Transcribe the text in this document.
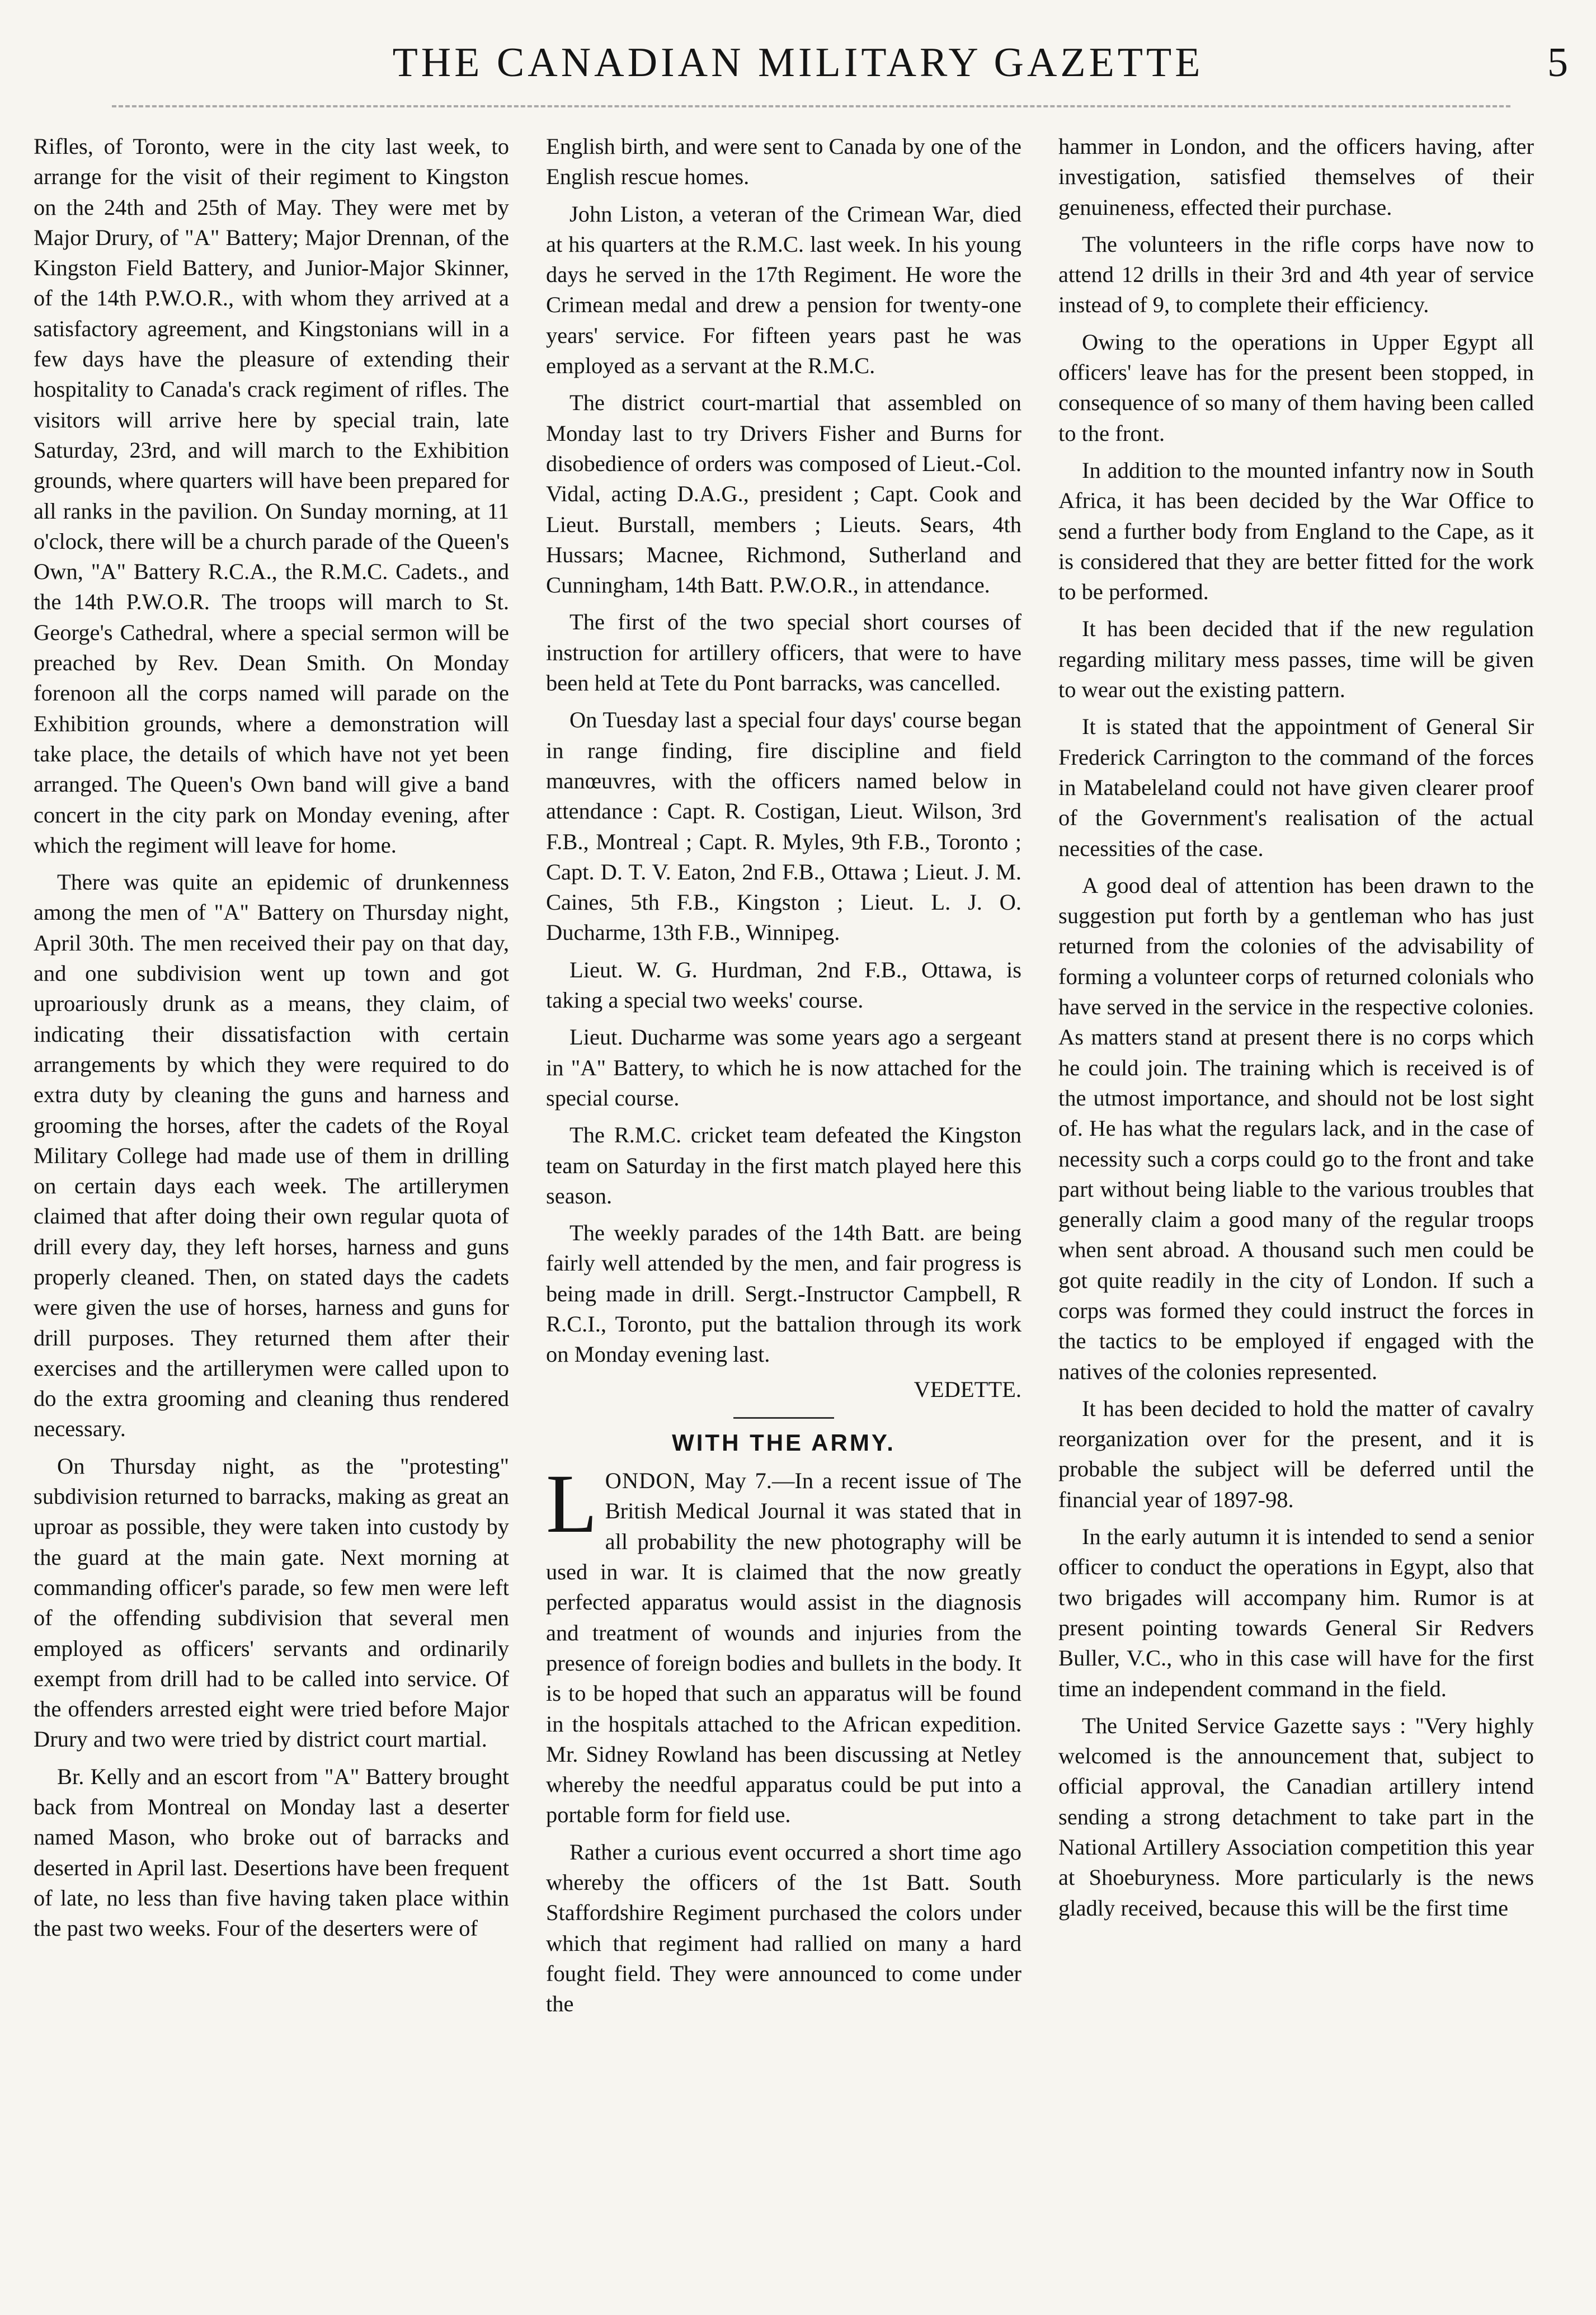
THE CANADIAN MILITARY GAZETTE	5

Rifles, of Toronto, were in the city last week, to arrange for the visit of their regiment to Kingston on the 24th and 25th of May. They were met by Major Drury, of "A" Battery; Major Drennan, of the Kingston Field Battery, and Junior-Major Skinner, of the 14th P.W.O.R., with whom they arrived at a satisfactory agreement, and Kingstonians will in a few days have the pleasure of extending their hospitality to Canada's crack regiment of rifles. The visitors will arrive here by special train, late Saturday, 23rd, and will march to the Exhibition grounds, where quarters will have been prepared for all ranks in the pavilion. On Sunday morning, at 11 o'clock, there will be a church parade of the Queen's Own, "A" Battery R.C.A., the R.M.C. Cadets., and the 14th P.W.O.R. The troops will march to St. George's Cathedral, where a special sermon will be preached by Rev. Dean Smith. On Monday forenoon all the corps named will parade on the Exhibition grounds, where a demonstration will take place, the details of which have not yet been arranged. The Queen's Own band will give a band concert in the city park on Monday evening, after which the regiment will leave for home.

There was quite an epidemic of drunkenness among the men of "A" Battery on Thursday night, April 30th. The men received their pay on that day, and one subdivision went up town and got uproariously drunk as a means, they claim, of indicating their dissatisfaction with certain arrangements by which they were required to do extra duty by cleaning the guns and harness and grooming the horses, after the cadets of the Royal Military College had made use of them in drilling on certain days each week. The artillerymen claimed that after doing their own regular quota of drill every day, they left horses, harness and guns properly cleaned. Then, on stated days the cadets were given the use of horses, harness and guns for drill purposes. They returned them after their exercises and the artillerymen were called upon to do the extra grooming and cleaning thus rendered necessary.

On Thursday night, as the "protesting" subdivision returned to barracks, making as great an uproar as possible, they were taken into custody by the guard at the main gate. Next morning at commanding officer's parade, so few men were left of the offending subdivision that several men employed as officers' servants and ordinarily exempt from drill had to be called into service. Of the offenders arrested eight were tried before Major Drury and two were tried by district court martial.

Br. Kelly and an escort from "A" Battery brought back from Montreal on Monday last a deserter named Mason, who broke out of barracks and deserted in April last. Desertions have been frequent of late, no less than five having taken place within the past two weeks. Four of the deserters were of

English birth, and were sent to Canada by one of the English rescue homes.

John Liston, a veteran of the Crimean War, died at his quarters at the R.M.C. last week. In his young days he served in the 17th Regiment. He wore the Crimean medal and drew a pension for twenty-one years' service. For fifteen years past he was employed as a servant at the R.M.C.

The district court-martial that assembled on Monday last to try Drivers Fisher and Burns for disobedience of orders was composed of Lieut.-Col. Vidal, acting D.A.G., president ; Capt. Cook and Lieut. Burstall, members ; Lieuts. Sears, 4th Hussars; Macnee, Richmond, Sutherland and Cunningham, 14th Batt. P.W.O.R., in attendance.

The first of the two special short courses of instruction for artillery officers, that were to have been held at Tete du Pont barracks, was cancelled.

On Tuesday last a special four days' course began in range finding, fire discipline and field manœuvres, with the officers named below in attendance : Capt. R. Costigan, Lieut. Wilson, 3rd F.B., Montreal ; Capt. R. Myles, 9th F.B., Toronto ; Capt. D. T. V. Eaton, 2nd F.B., Ottawa ; Lieut. J. M. Caines, 5th F.B., Kingston ; Lieut. L. J. O. Ducharme, 13th F.B., Winnipeg.

Lieut. W. G. Hurdman, 2nd F.B., Ottawa, is taking a special two weeks' course.

Lieut. Ducharme was some years ago a sergeant in "A" Battery, to which he is now attached for the special course.

The R.M.C. cricket team defeated the Kingston team on Saturday in the first match played here this season.

The weekly parades of the 14th Batt. are being fairly well attended by the men, and fair progress is being made in drill. Sergt.-Instructor Campbell, R R.C.I., Toronto, put the battalion through its work on Monday evening last.

VEDETTE.
WITH THE ARMY.

L ONDON, May 7.—In a recent issue of The British Medical Journal it was stated that in all probability the new photography will be used in war. It is claimed that the now greatly perfected apparatus would assist in the diagnosis and treatment of wounds and injuries from the presence of foreign bodies and bullets in the body. It is to be hoped that such an apparatus will be found in the hospitals attached to the African expedition. Mr. Sidney Rowland has been discussing at Netley whereby the needful apparatus could be put into a portable form for field use.

Rather a curious event occurred a short time ago whereby the officers of the 1st Batt. South Staffordshire Regiment purchased the colors under which that regiment had rallied on many a hard fought field. They were announced to come under the

hammer in London, and the officers having, after investigation, satisfied themselves of their genuineness, effected their purchase.

The volunteers in the rifle corps have now to attend 12 drills in their 3rd and 4th year of service instead of 9, to complete their efficiency.

Owing to the operations in Upper Egypt all officers' leave has for the present been stopped, in consequence of so many of them having been called to the front.

In addition to the mounted infantry now in South Africa, it has been decided by the War Office to send a further body from England to the Cape, as it is considered that they are better fitted for the work to be performed.

It has been decided that if the new regulation regarding military mess passes, time will be given to wear out the existing pattern.

It is stated that the appointment of General Sir Frederick Carrington to the command of the forces in Matabeleland could not have given clearer proof of the Government's realisation of the actual necessities of the case.

A good deal of attention has been drawn to the suggestion put forth by a gentleman who has just returned from the colonies of the advisability of forming a volunteer corps of returned colonials who have served in the service in the respective colonies. As matters stand at present there is no corps which he could join. The training which is received is of the utmost importance, and should not be lost sight of. He has what the regulars lack, and in the case of necessity such a corps could go to the front and take part without being liable to the various troubles that generally claim a good many of the regular troops when sent abroad. A thousand such men could be got quite readily in the city of London. If such a corps was formed they could instruct the forces in the tactics to be employed if engaged with the natives of the colonies represented.

It has been decided to hold the matter of cavalry reorganization over for the present, and it is probable the subject will be deferred until the financial year of 1897-98.

In the early autumn it is intended to send a senior officer to conduct the operations in Egypt, also that two brigades will accompany him. Rumor is at present pointing towards General Sir Redvers Buller, V.C., who in this case will have for the first time an independent command in the field.

The United Service Gazette says : "Very highly welcomed is the announcement that, subject to official approval, the Canadian artillery intend sending a strong detachment to take part in the National Artillery Association competition this year at Shoeburyness. More particularly is the news gladly received, because this will be the first time
